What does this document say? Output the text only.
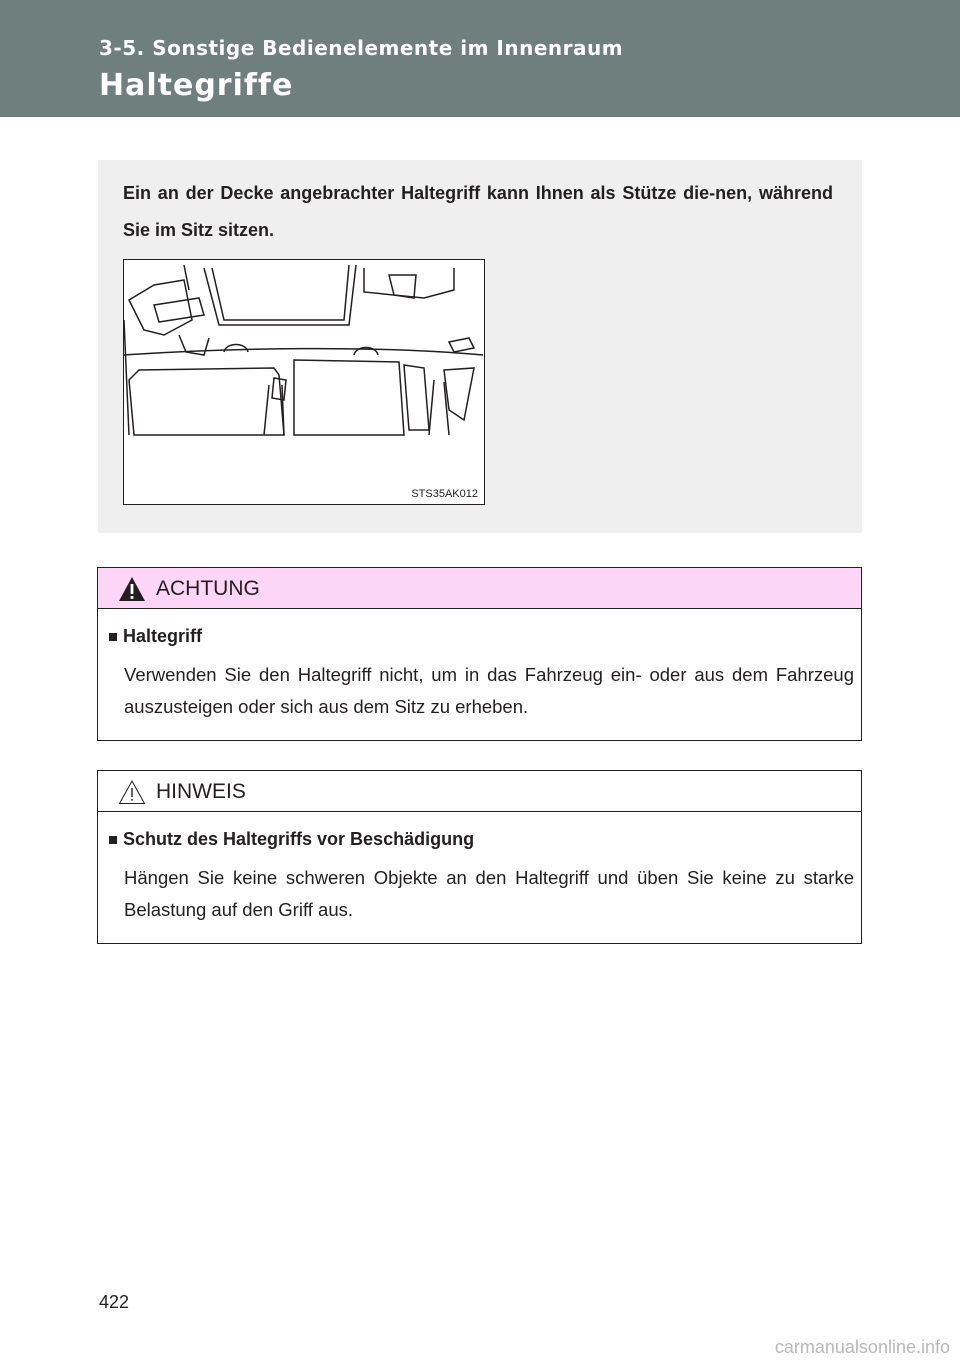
3-5. Sonstige Bedienelemente im Innenraum
Haltegriffe
Ein an der Decke angebrachter Haltegriff kann Ihnen als Stütze die-nen, während Sie im Sitz sitzen.
STS35AK012
ACHTUNG
Haltegriff
Verwenden Sie den Haltegriff nicht, um in das Fahrzeug ein- oder aus dem Fahrzeug auszusteigen oder sich aus dem Sitz zu erheben.
HINWEIS
Schutz des Haltegriffs vor Beschädigung
Hängen Sie keine schweren Objekte an den Haltegriff und üben Sie keine zu starke Belastung auf den Griff aus.
422
carmanualsonline.info
